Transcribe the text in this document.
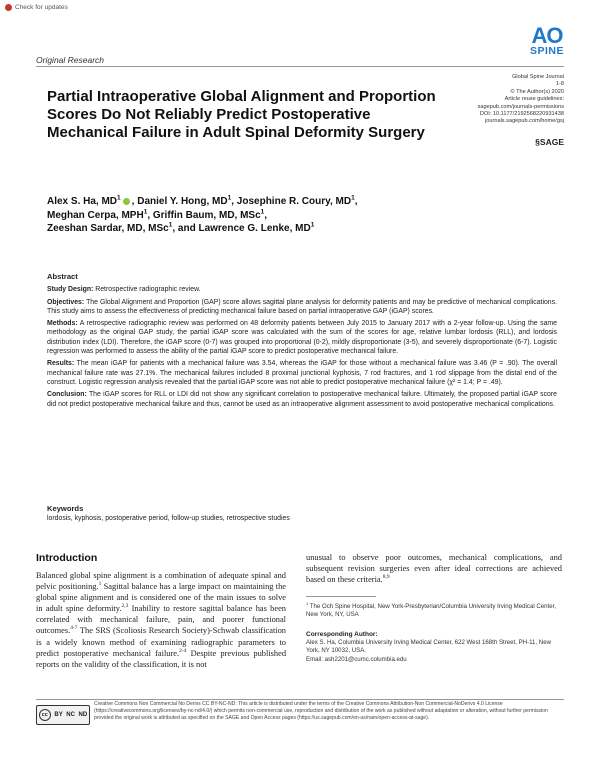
Check for updates
AO
SPINE
Original Research
Global Spine Journal
1-8
© The Author(s) 2020
Article reuse guidelines:
sagepub.com/journals-permissions
DOI: 10.1177/2192568220931438
journals.sagepub.com/home/gsj
§SAGE
Partial Intraoperative Global Alignment and Proportion Scores Do Not Reliably Predict Postoperative Mechanical Failure in Adult Spinal Deformity Surgery
Alex S. Ha, $MD^1$ , Daniel Y. Hong, $MD^1$, Josephine R. Coury, $MD^1$,
Meghan Cerpa, MPH$^1$, Griffin Baum, MD, MSc$^1$,
Zeeshan Sardar, MD, MSc$^1$, and Lawrence G. Lenke, $MD^1$
Abstract

Study Design: Retrospective radiographic review.

Objectives: The Global Alignment and Proportion (GAP) score allows sagittal plane analysis for deformity patients and may be predictive of mechanical complications. This study aims to assess the effectiveness of predicting mechanical failure based on partial intraoperative GAP (iGAP) scores.

Methods: A retrospective radiographic review was performed on 48 deformity patients between July 2015 to January 2017 with a 2-year follow-up. Using the same methodology as the original GAP study, the partial iGAP score was calculated with the sum of the scores for age, relative lumbar lordosis (RLL), and lordosis distribution index (LDI). Therefore, the iGAP score (0-7) was grouped into proportional (0-2), mildly disproportionate (3-5), and severely disproportionate (6-7). Logistic regression was performed to assess the ability of the partial iGAP score to predict postoperative mechanical failure.

Results: The mean iGAP for patients with a mechanical failure was 3.54, whereas the iGAP for those without a mechanical failure was 3.46 (P = .90). The overall mechanical failure rate was 27.1%. The mechanical failures included 8 proximal junctional kyphosis, 7 rod fractures, and 1 rod slippage from the distal end of the construct. Logistic regression analysis revealed that the partial iGAP score was not able to predict postoperative mechanical failure (χ² = 1.4; P = .49).

Conclusion: The iGAP scores for RLL or LDI did not show any significant correlation to postoperative mechanical failure. Ultimately, the proposed partial iGAP score did not predict postoperative mechanical failure and thus, cannot be used as an intraoperative alignment assessment to avoid postoperative mechanical complications.

Keywords
lordosis, kyphosis, postoperative period, follow-up studies, retrospective studies
Introduction

Balanced global spine alignment is a combination of adequate spinal and pelvic positioning.$^1$ Sagittal balance has a large impact on maintaining the global spine alignment and is considered one of the main issues to solve in adult spine deformity.$^{2,3}$ Inability to restore sagittal balance has been correlated with mechanical failure, pain, and poorer functional outcomes.$^{4-7}$ The SRS (Scoliosis Research Society)-Schwab classification is a widely known method of examining radiographic parameters to predict postoperative mechanical failure.$^{2-4}$ Despite previous published reports on the validity of the classification, it is not

unusual to observe poor outcomes, mechanical complications, and subsequent revision surgeries even after ideal corrections are achieved based on these criteria.$^{8,9}$

$^1$ The Och Spine Hospital, New York-Presbyterian/Columbia University Irving Medical Center, New York, NY, USA
Corresponding Author:
Alex S. Ha, Columbia University Irving Medical Center, 622 West 168th Street, PH-11, New York, NY 10032, USA.
Email: ash2201@cumc.columbia.edu
cc	BY NC ND
Creative Commons Non Commercial No Derivs CC BY-NC-ND: This article is distributed under the terms of the Creative Commons Attribution-Non Commercial-NoDerivs 4.0 License (https://creativecommons.org/licenses/by-nc-nd/4.0/) which permits non-commercial use, reproduction and distribution of the work as published without adaptation or alteration, without further permission provided the original work is attributed as specified on the SAGE and Open Access pages (https://us.sagepub.com/en-us/nam/open-access-at-sage).
